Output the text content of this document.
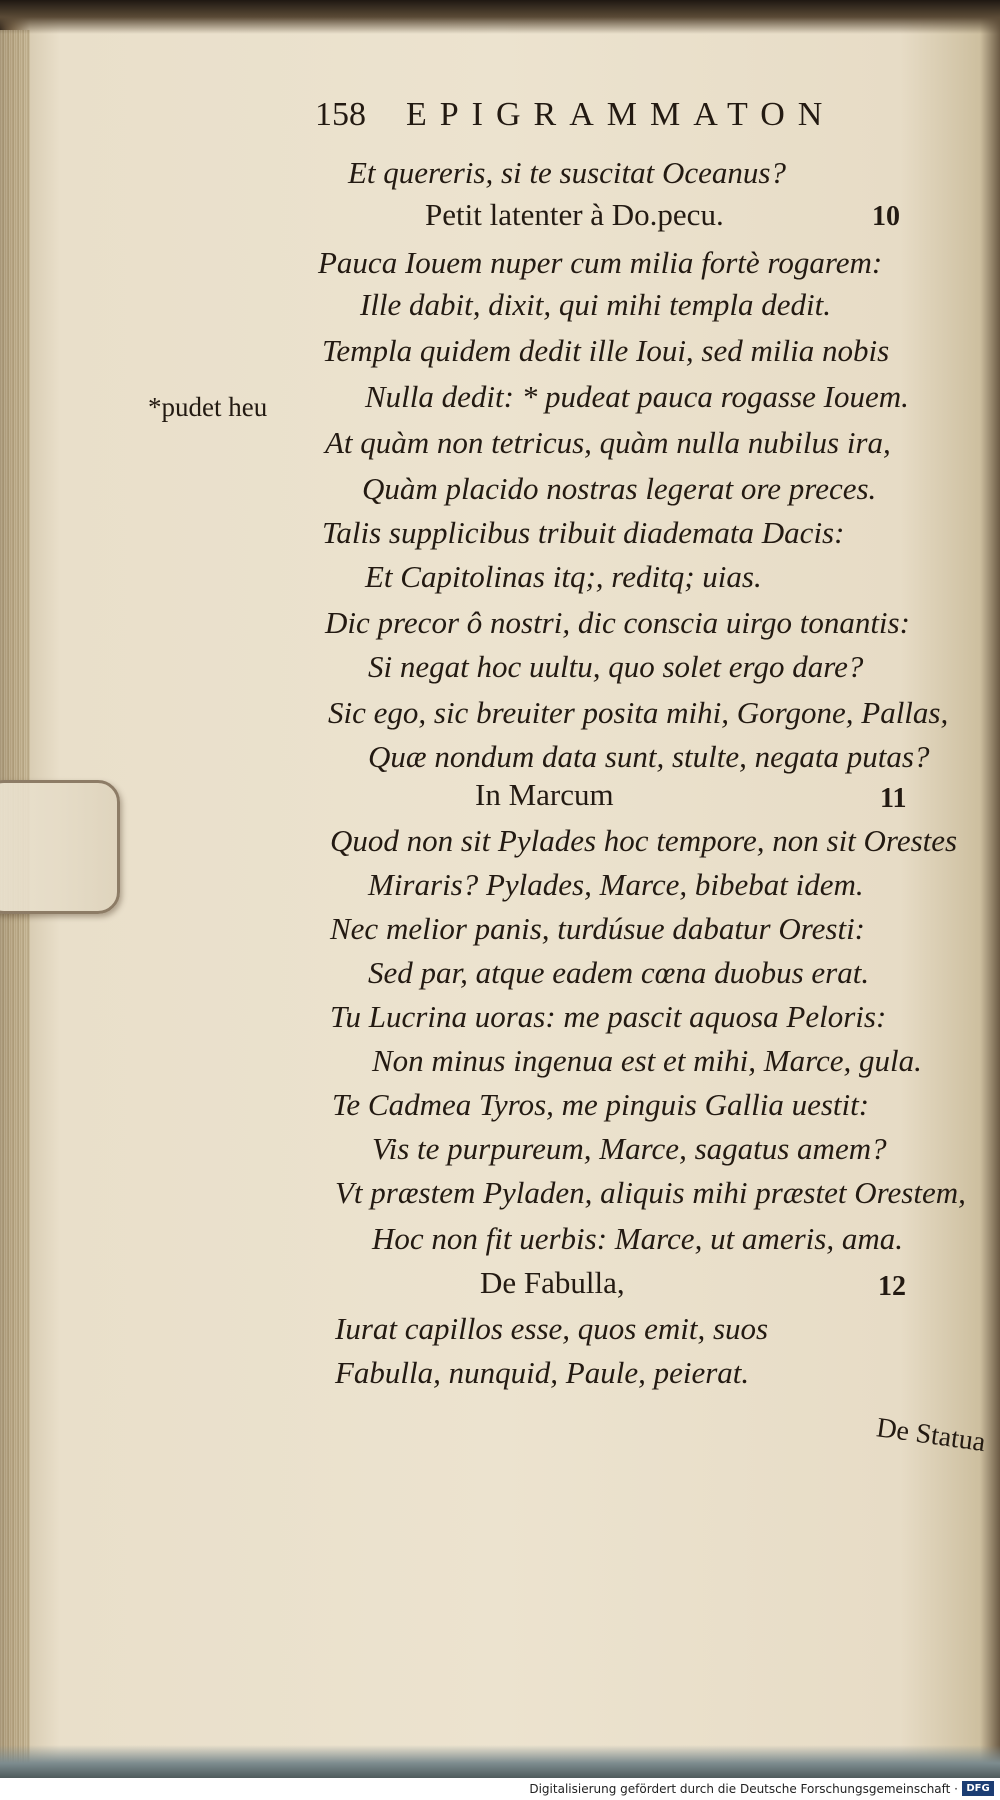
158 EPIGRAMMATON
*pudet heu
Et quereris, si te suscitat Oceanus?
Petit latenter à Do.pecu.	10
Pauca Iouem nuper cum milia fortè rogarem:
Ille dabit, dixit, qui mihi templa dedit.
Templa quidem dedit ille Ioui, sed milia nobis
Nulla dedit: * pudeat pauca rogasse Iouem.
At quàm non tetricus, quàm nulla nubilus ira,
Quàm placido nostras legerat ore preces.
Talis supplicibus tribuit diademata Dacis:
Et Capitolinas itq;, reditq; uias.
Dic precor ô nostri, dic conscia uirgo tonantis:
Si negat hoc uultu, quo solet ergo dare?
Sic ego, sic breuiter posita mihi, Gorgone, Pallas,
Quæ nondum data sunt, stulte, negata putas?
In Marcum	11
Quod non sit Pylades hoc tempore, non sit Orestes
Miraris? Pylades, Marce, bibebat idem.
Nec melior panis, turdúsue dabatur Oresti:
Sed par, atque eadem cœna duobus erat.
Tu Lucrina uoras: me pascit aquosa Peloris:
Non minus ingenua est et mihi, Marce, gula.
Te Cadmea Tyros, me pinguis Gallia uestit:
Vis te purpureum, Marce, sagatus amem?
Vt præstem Pyladen, aliquis mihi præstet Orestem,
Hoc non fit uerbis: Marce, ut ameris, ama.
De Fabulla,	12
Iurat capillos esse, quos emit, suos
Fabulla, nunquid, Paule, peierat.
De Statua
Digitalisierung gefördert durch die Deutsche Forschungsgemeinschaft · DFG
